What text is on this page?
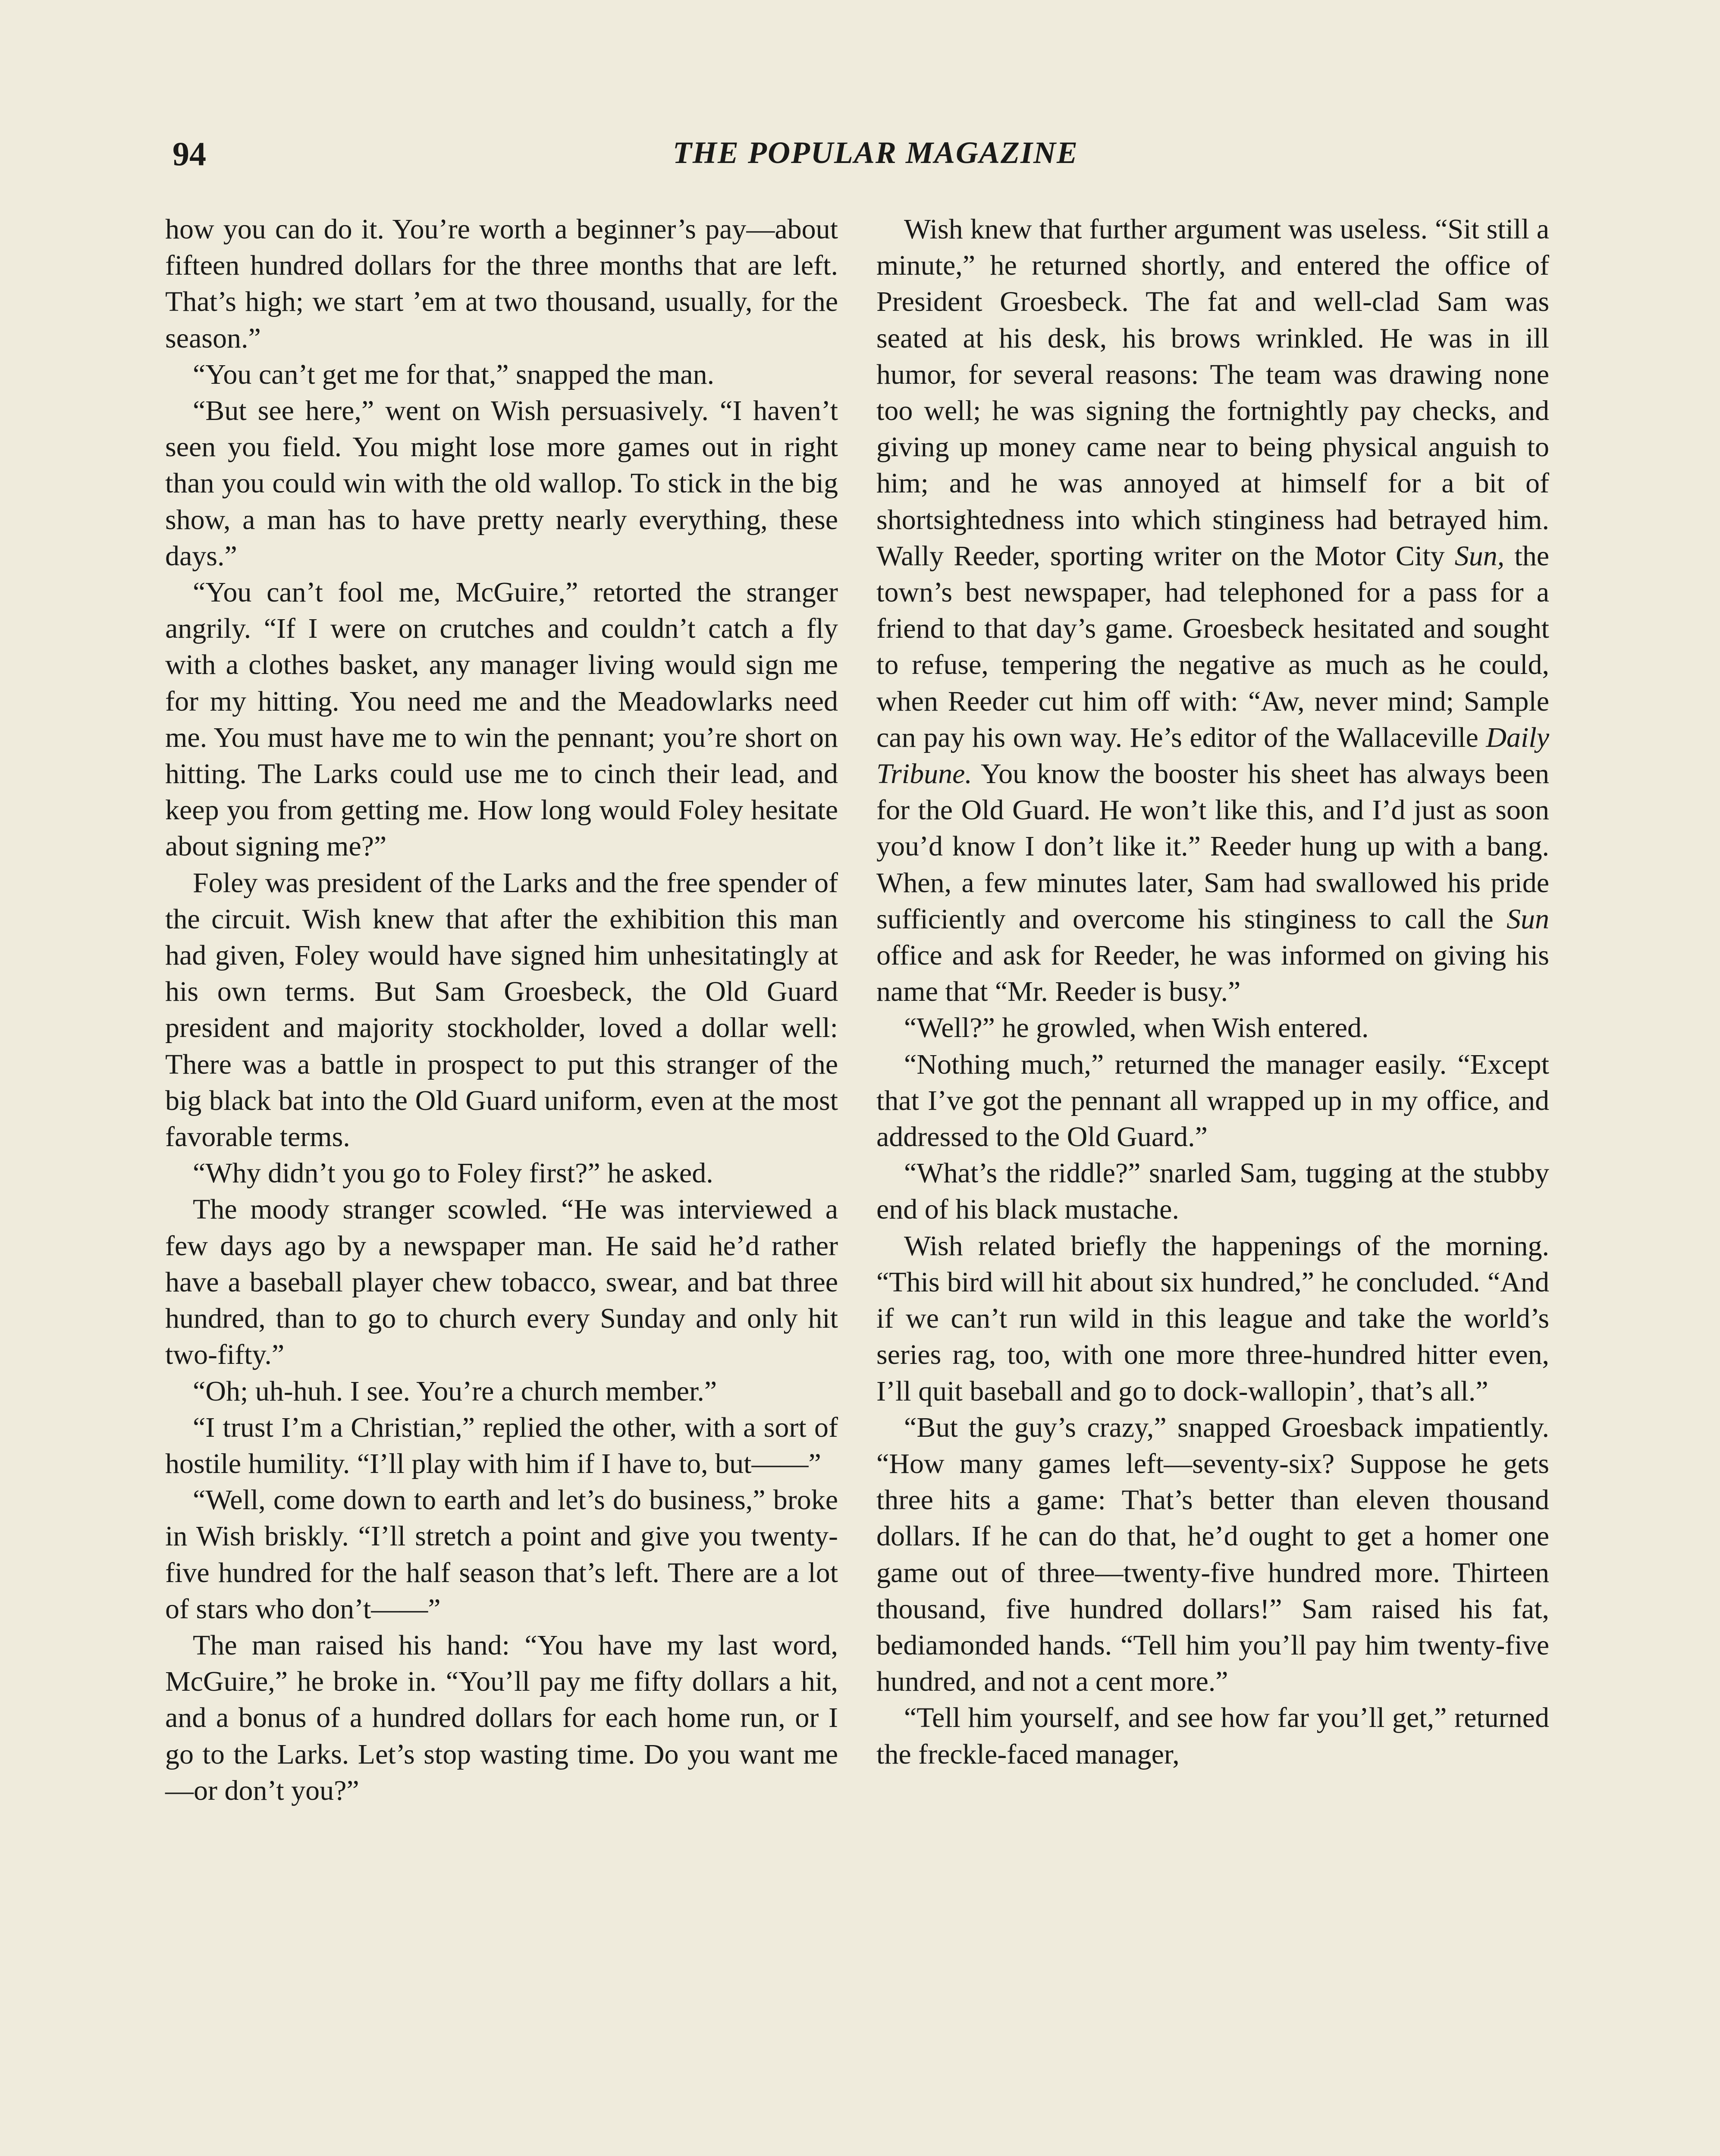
94	THE POPULAR MAGAZINE

how you can do it. You’re worth a beginner’s pay—about fifteen hundred dollars for the three months that are left. That’s high; we start ’em at two thousand, usually, for the season.”

“You can’t get me for that,” snapped the man.

“But see here,” went on Wish persuasively. “I haven’t seen you field. You might lose more games out in right than you could win with the old wallop. To stick in the big show, a man has to have pretty nearly everything, these days.”

“You can’t fool me, McGuire,” retorted the stranger angrily. “If I were on crutches and couldn’t catch a fly with a clothes basket, any manager living would sign me for my hitting. You need me and the Meadowlarks need me. You must have me to win the pennant; you’re short on hitting. The Larks could use me to cinch their lead, and keep you from getting me. How long would Foley hesitate about signing me?”

Foley was president of the Larks and the free spender of the circuit. Wish knew that after the exhibition this man had given, Foley would have signed him unhesitatingly at his own terms. But Sam Groesbeck, the Old Guard president and majority stockholder, loved a dollar well: There was a battle in prospect to put this stranger of the big black bat into the Old Guard uniform, even at the most favorable terms.

“Why didn’t you go to Foley first?” he asked.

The moody stranger scowled. “He was interviewed a few days ago by a newspaper man. He said he’d rather have a baseball player chew tobacco, swear, and bat three hundred, than to go to church every Sunday and only hit two-fifty.”

“Oh; uh-huh. I see. You’re a church member.”

“I trust I’m a Christian,” replied the other, with a sort of hostile humility. “I’ll play with him if I have to, but——”

“Well, come down to earth and let’s do business,” broke in Wish briskly. “I’ll stretch a point and give you twenty-five hundred for the half season that’s left. There are a lot of stars who don’t——”

The man raised his hand: “You have my last word, McGuire,” he broke in. “You’ll pay me fifty dollars a hit, and a bonus of a hundred dollars for each home run, or I go to the Larks. Let’s stop wasting time. Do you want me—or don’t you?”

Wish knew that further argument was useless. “Sit still a minute,” he returned shortly, and entered the office of President Groesbeck. The fat and well-clad Sam was seated at his desk, his brows wrinkled. He was in ill humor, for several reasons: The team was drawing none too well; he was signing the fortnightly pay checks, and giving up money came near to being physical anguish to him; and he was annoyed at himself for a bit of shortsightedness into which stinginess had betrayed him. Wally Reeder, sporting writer on the Motor City Sun, the town’s best newspaper, had telephoned for a pass for a friend to that day’s game. Groesbeck hesitated and sought to refuse, tempering the negative as much as he could, when Reeder cut him off with: “Aw, never mind; Sample can pay his own way. He’s editor of the Wallaceville Daily Tribune. You know the booster his sheet has always been for the Old Guard. He won’t like this, and I’d just as soon you’d know I don’t like it.” Reeder hung up with a bang. When, a few minutes later, Sam had swallowed his pride sufficiently and overcome his stinginess to call the Sun office and ask for Reeder, he was informed on giving his name that “Mr. Reeder is busy.”

“Well?” he growled, when Wish entered.

“Nothing much,” returned the manager easily. “Except that I’ve got the pennant all wrapped up in my office, and addressed to the Old Guard.”

“What’s the riddle?” snarled Sam, tugging at the stubby end of his black mustache.

Wish related briefly the happenings of the morning. “This bird will hit about six hundred,” he concluded. “And if we can’t run wild in this league and take the world’s series rag, too, with one more three-hundred hitter even, I’ll quit baseball and go to dock-wallopin’, that’s all.”

“But the guy’s crazy,” snapped Groesback impatiently. “How many games left—seventy-six? Suppose he gets three hits a game: That’s better than eleven thousand dollars. If he can do that, he’d ought to get a homer one game out of three—twenty-five hundred more. Thirteen thousand, five hundred dollars!” Sam raised his fat, bediamonded hands. “Tell him you’ll pay him twenty-five hundred, and not a cent more.”

“Tell him yourself, and see how far you’ll get,” returned the freckle-faced manager,
